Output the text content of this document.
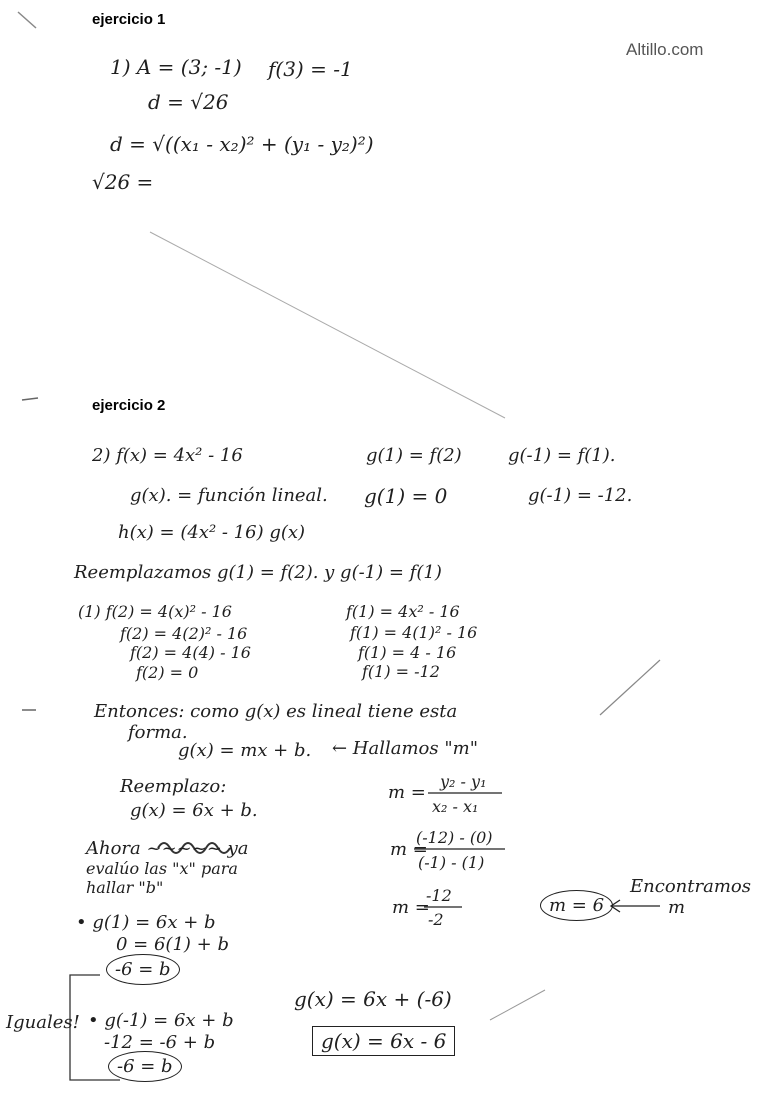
Altillo.com
ejercicio 1
1) A = (3; -1) f(3) = -1
d = √26
d = √((x₁ - x₂)² + (y₁ - y₂)²)
√26 =
ejercicio 2
2) f(x) = 4x² - 16	g(1) = f(2)	g(-1) = f(1).
g(x). = función lineal. g(1) = 0	g(-1) = -12.
h(x) = (4x² - 16) g(x)
Reemplazamos g(1) = f(2). y g(-1) = f(1)
(1) f(2) = 4(x)² - 16
f(2) = 4(2)² - 16
f(2) = 4(4) - 16
f(2) = 0
f(1) = 4x² - 16
f(1) = 4(1)² - 16
f(1) = 4 - 16
f(1) = -12
Entonces: como g(x) es lineal tiene esta
forma.
g(x) = mx + b. ← Hallamos "m"
y₂ - y₁
m =
x₂ - x₁
Reemplazo:
g(x) = 6x + b.
Ahora ~~~~~ ya
evalúo las "x" para
hallar "b"
m =
(-12) - (0)
(-1) - (1)
m =
-12
-2
m = 6
Encontramos
m
• g(1) = 6x + b
0 = 6(1) + b
-6 = b
Iguales! • g(-1) = 6x + b
-12 = -6 + b
-6 = b
g(x) = 6x + (-6)
g(x) = 6x - 6
